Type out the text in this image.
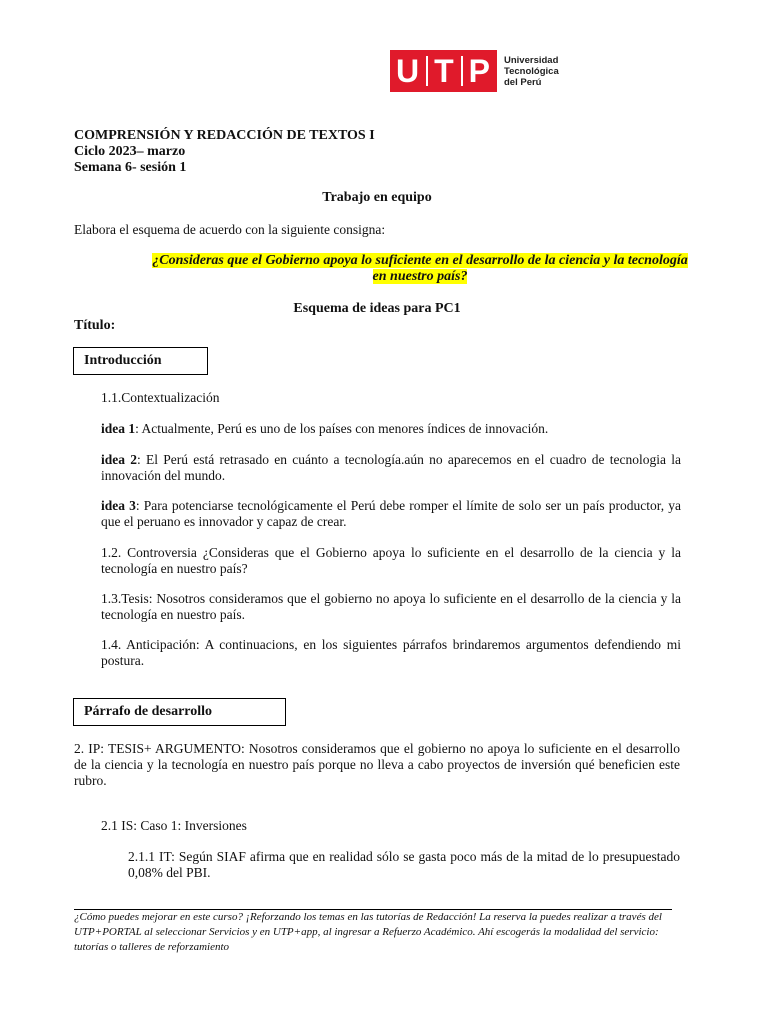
U T P Universidad
Tecnológica
del Perú
COMPRENSIÓN Y REDACCIÓN DE TEXTOS I
Ciclo 2023– marzo
Semana 6- sesión 1
Trabajo en equipo
Elabora el esquema de acuerdo con la siguiente consigna:
¿Consideras que el Gobierno apoya lo suficiente en el desarrollo de la ciencia y la tecnología
en nuestro país?
Esquema de ideas para PC1
Título:
Introducción
1.1.Contextualización
idea 1: Actualmente, Perú es uno de los países con menores índices de innovación.
idea 2: El Perú está retrasado en cuánto a tecnología.aún no aparecemos en el cuadro de tecnologia la innovación del mundo.
idea 3: Para potenciarse tecnológicamente el Perú debe romper el límite de solo ser un país productor, ya que el peruano es innovador y capaz de crear.
1.2. Controversia ¿Consideras que el Gobierno apoya lo suficiente en el desarrollo de la ciencia y la tecnología en nuestro país?
1.3.Tesis: Nosotros consideramos que el gobierno no apoya lo suficiente en el desarrollo de la ciencia y la tecnología en nuestro país.
1.4. Anticipación: A continuacions, en los siguientes párrafos brindaremos argumentos defendiendo mi postura.
Párrafo de desarrollo
2. IP: TESIS+ ARGUMENTO: Nosotros consideramos que el gobierno no apoya lo suficiente en el desarrollo de la ciencia y la tecnología en nuestro país porque no lleva a cabo proyectos de inversión qué beneficien este rubro.
2.1 IS: Caso 1: Inversiones
2.1.1 IT: Según SIAF afirma que en realidad sólo se gasta poco más de la mitad de lo presupuestado 0,08% del PBI.
¿Cómo puedes mejorar en este curso? ¡Reforzando los temas en las tutorías de Redacción! La reserva la puedes realizar a través del UTP+PORTAL al seleccionar Servicios y en UTP+app, al ingresar a Refuerzo Académico. Ahí escogerás la modalidad del servicio: tutorías o talleres de reforzamiento
